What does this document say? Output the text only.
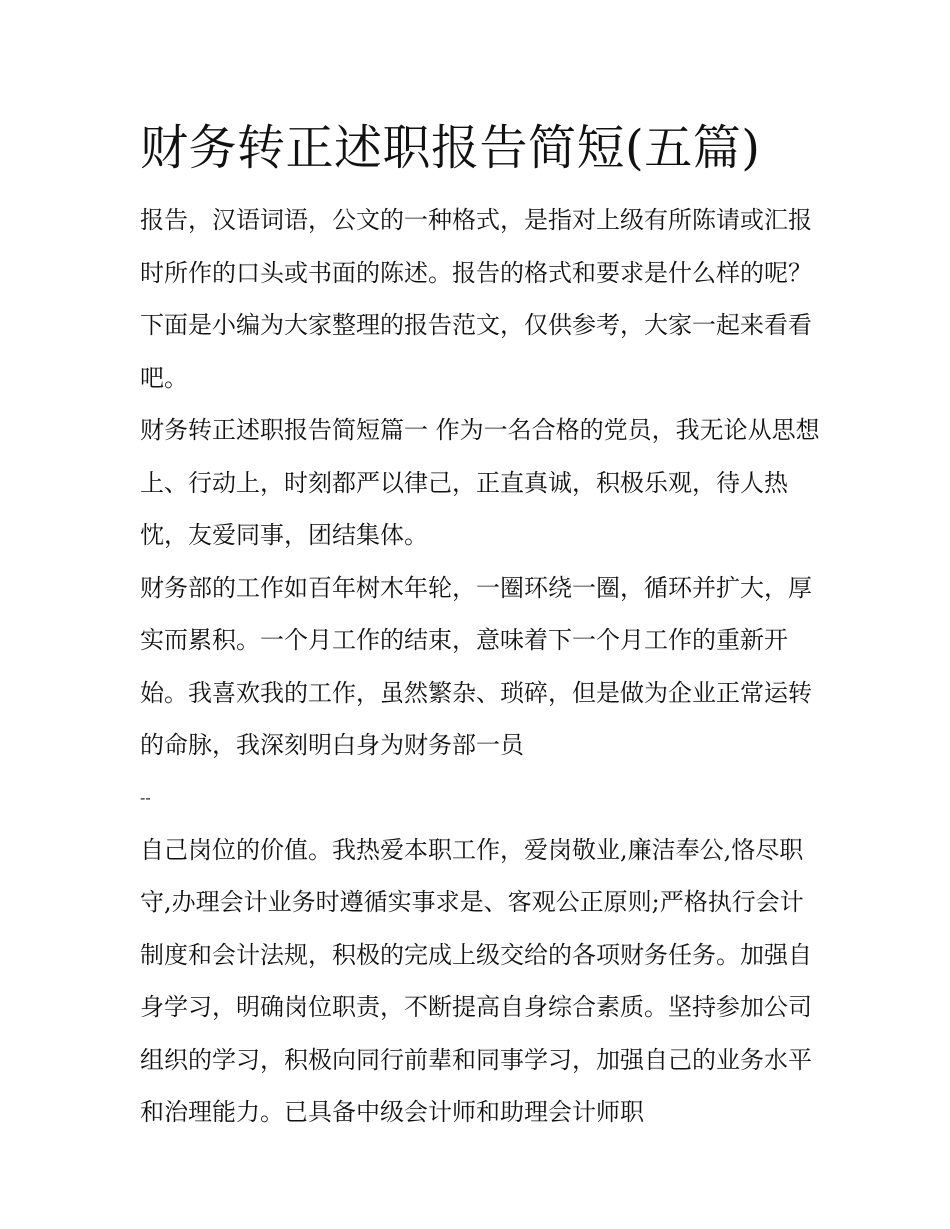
财务转正述职报告简短(五篇)

报告，汉语词语，公文的一种格式，是指对上级有所陈请或汇报时所作的口头或书面的陈述。报告的格式和要求是什么样的呢？下面是小编为大家整理的报告范文，仅供参考，大家一起来看看吧。

财务转正述职报告简短篇一 作为一名合格的党员，我无论从思想上、行动上，时刻都严以律己，正直真诚，积极乐观，待人热忱，友爱同事，团结集体。

财务部的工作如百年树木年轮，一圈环绕一圈，循环并扩大，厚实而累积。一个月工作的结束，意味着下一个月工作的重新开始。我喜欢我的工作，虽然繁杂、琐碎，但是做为企业正常运转的命脉，我深刻明白身为财务部一员

--

自己岗位的价值。我热爱本职工作，爱岗敬业,廉洁奉公,恪尽职守,办理会计业务时遵循实事求是、客观公正原则;严格执行会计制度和会计法规，积极的完成上级交给的各项财务任务。加强自身学习，明确岗位职责，不断提高自身综合素质。坚持参加公司组织的学习，积极向同行前辈和同事学习，加强自己的业务水平和治理能力。已具备中级会计师和助理会计师职
